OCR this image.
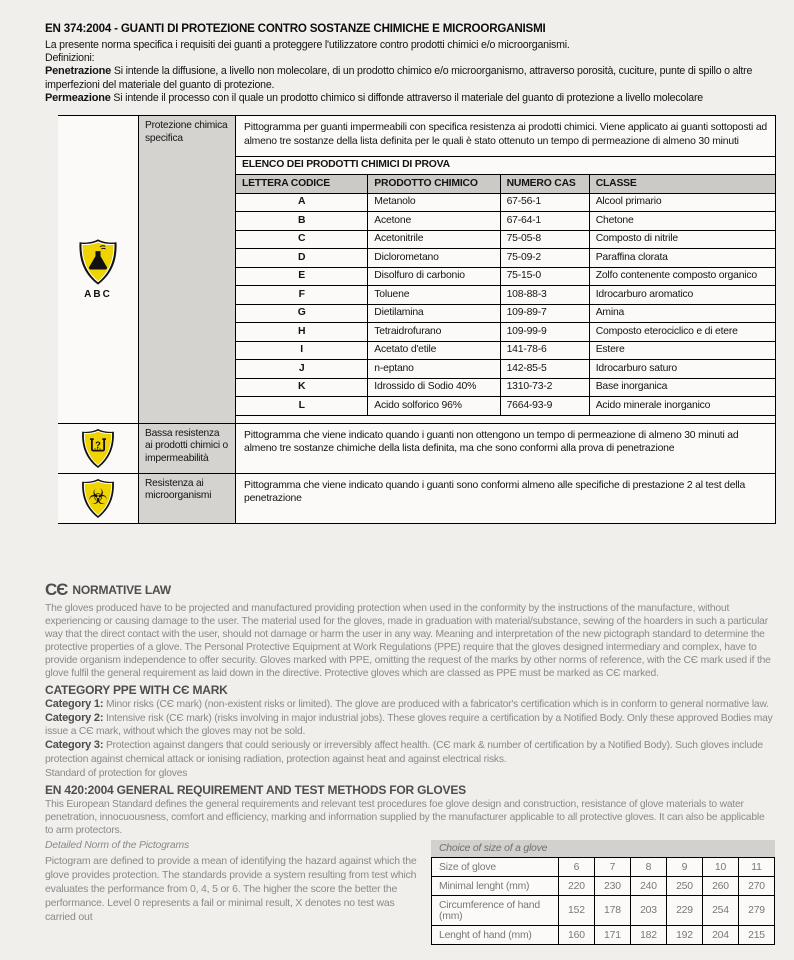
EN 374:2004 - GUANTI DI PROTEZIONE CONTRO SOSTANZE CHIMICHE E MICROORGANISMI

La presente norma specifica i requisiti dei guanti a proteggere l'utilizzatore contro prodotti chimici e/o microorganismi.

Definizioni:

Penetrazione Si intende la diffusione, a livello non molecolare, di un prodotto chimico e/o microorganismo, attraverso porosità, cuciture, punte di spillo o altre imperfezioni del materiale del guanto di protezione.

Permeazione Si intende il processo con il quale un prodotto chimico si diffonde attraverso il materiale del guanto di protezione a livello molecolare

ABC
Protezione chimica specifica

Pittogramma per guanti impermeabili con specifica resistenza ai prodotti chimici. Viene applicato ai guanti sottoposti ad almeno tre sostanze della lista definita per le quali è stato ottenuto un tempo di permeazione di almeno 30 minuti

ELENCO DEI PRODOTTI CHIMICI DI PROVA			
LETTERA CODICE	PRODOTTO CHIMICO	NUMERO CAS	CLASSE
A	Metanolo	67-56-1	Alcool primario
B	Acetone	67-64-1	Chetone
C	Acetonitrile	75-05-8	Composto di nitrile
D	Diclorometano	75-09-2	Paraffina clorata
E	Disolfuro di carbonio	75-15-0	Zolfo contenente composto organico
F	Toluene	108-88-3	Idrocarburo aromatico
G	Dietilamina	109-89-7	Amina
H	Tetraidrofurano	109-99-9	Composto eterociclico e di etere
I	Acetato d'etile	141-78-6	Estere
J	n-eptano	142-85-5	Idrocarburo saturo
K	Idrossido di Sodio 40%	1310-73-2	Base inorganica
L	Acido solforico 96%	7664-93-9	Acido minerale inorganico
?
Bassa resistenza ai prodotti chimici o impermeabilità

Pittogramma che viene indicato quando i guanti non ottengono un tempo di permeazione di almeno 30 minuti ad almeno tre sostanze chimiche della lista definita, ma che sono conformi alla prova di penetrazione

☣
Resistenza ai microorganismi

Pittogramma che viene indicato quando i guanti sono conformi almeno alle specifiche di prestazione 2 al test della penetrazione

CЄ NORMATIVE LAW

The gloves produced have to be projected and manufactured providing protection when used in the conformity by the instructions of the manufacture, without experiencing or causing damage to the user. The material used for the gloves, made in graduation with material/substance, sewing of the hoarders in such a particular way that the direct contact with the user, should not damage or harm the user in any way. Meaning and interpretation of the new pictograph standard to determine the protective properties of a glove. The Personal Protective Equipment at Work Regulations (PPE) require that the gloves designed intermediary and complex, have to provide organism independence to offer security. Gloves marked with PPE, omitting the request of the marks by other norms of reference, with the CЄ mark used if the glove fulfil the general requirement as laid down in the directive. Protective gloves which are classed as PPE must be marked as CЄ marked.

CATEGORY PPE WITH CЄ MARK

Category 1: Minor risks (CЄ mark) (non-existent risks or limited). The glove are produced with a fabricator's certification which is in conform to general normative law.

Category 2: Intensive risk (CЄ mark) (risks involving in major industrial jobs). These gloves require a certification by a Notified Body. Only these approved Bodies may issue a CЄ mark, without which the gloves may not be sold.

Category 3: Protection against dangers that could seriously or irreversibly affect health. (CЄ mark & number of certification by a Notified Body). Such gloves include protection against chemical attack or ionising radiation, protection against heat and against electrical risks.

Standard of protection for gloves

EN 420:2004 GENERAL REQUIREMENT AND TEST METHODS FOR GLOVES

This European Standard defines the general requirements and relevant test procedures foe glove design and construction, resistance of glove materials to water penetration, innocuousness, comfort and efficiency, marking and information supplied by the manufacturer applicable to all protective gloves. It can also be applicable to arm protectors.

Detailed Norm of the Pictograms

Pictogram are defined to provide a mean of identifying the hazard against which the glove provides protection. The standards provide a system resulting from test which evaluates the performance from 0, 4, 5 or 6. The higher the score the better the performance. Level 0 represents a fail or minimal result, X denotes no test was carried out

Choice of size of a glove
Size of glove	6	7	8	9	10	11
Minimal lenght (mm)	220	230	240	250	260	270
Circumference of hand (mm)	152	178	203	229	254	279
Lenght of hand (mm)	160	171	182	192	204	215
